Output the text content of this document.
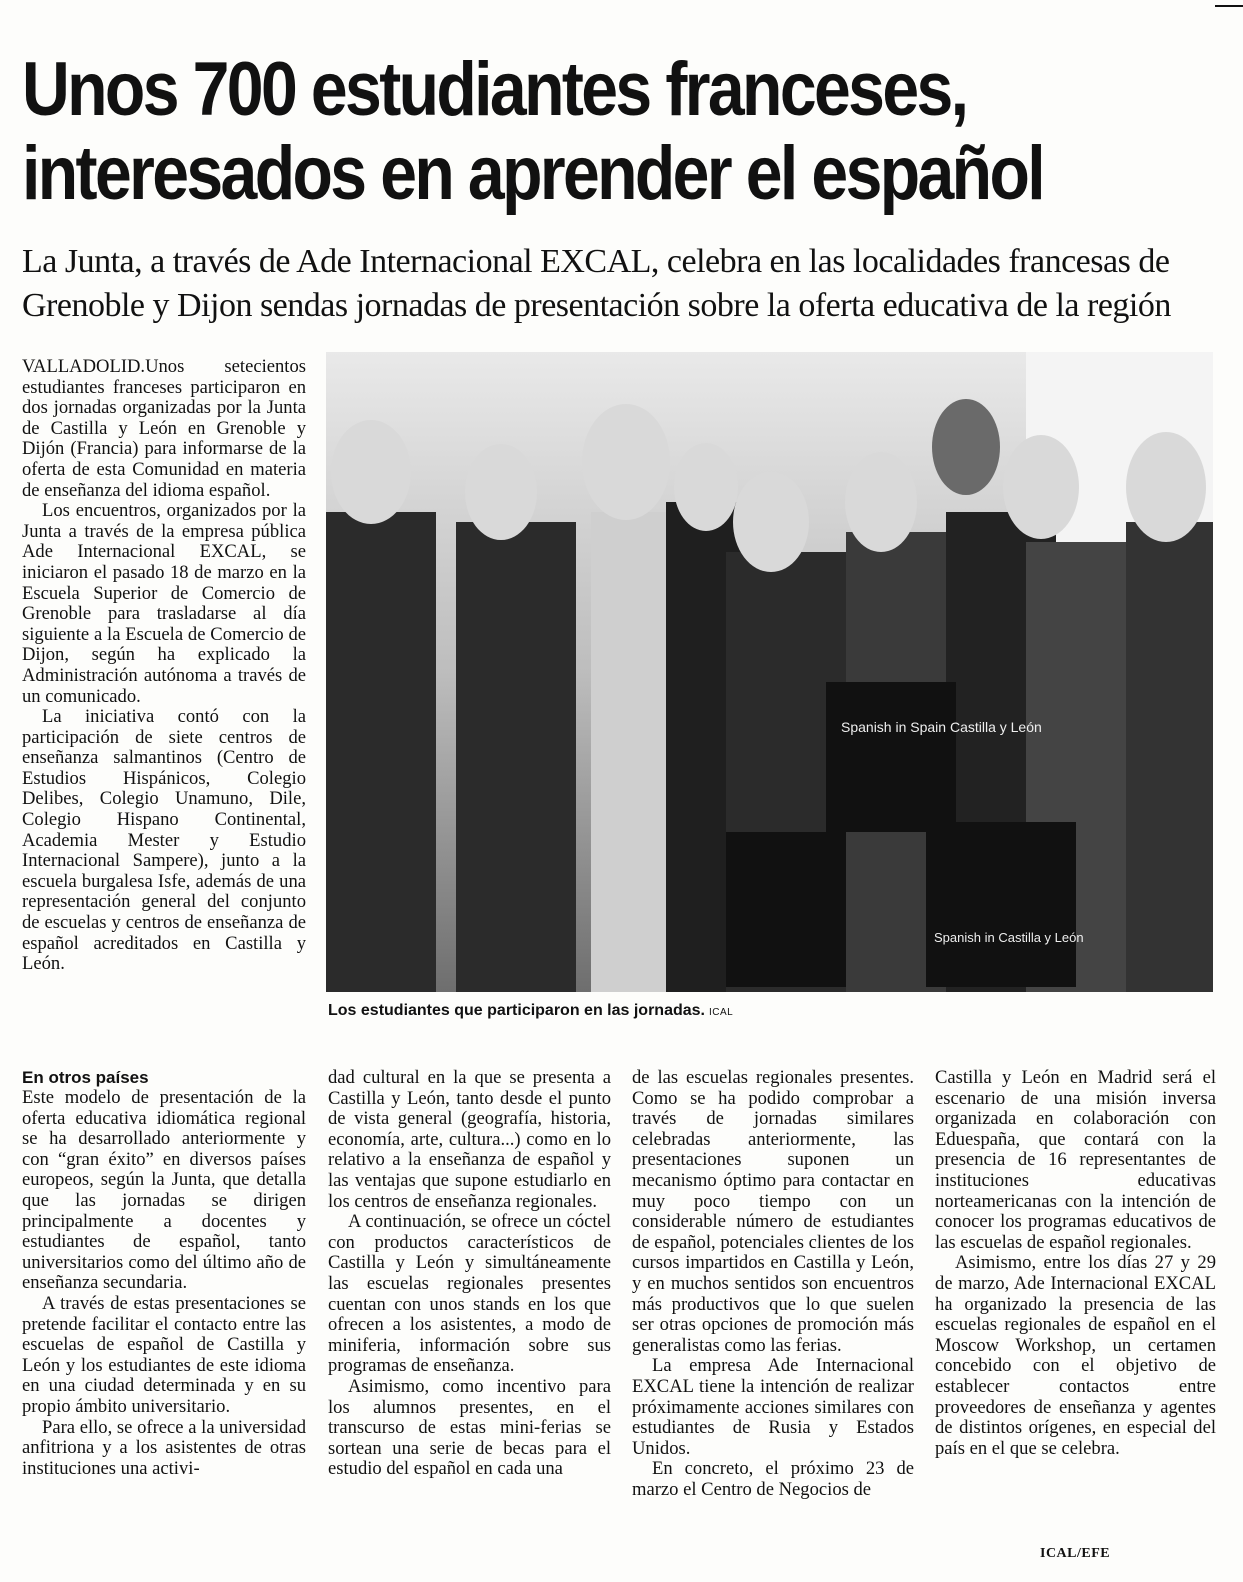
Unos 700 estudiantes franceses,
interesados en aprender el español
La Junta, a través de Ade Internacional EXCAL, celebra en las localidades francesas de
Grenoble y Dijon sendas jornadas de presentación sobre la oferta educativa de la región

VALLADOLID.Unos setecientos estudiantes franceses participaron en dos jornadas organizadas por la Junta de Castilla y León en Grenoble y Dijón (Francia) para informarse de la oferta de esta Comunidad en materia de enseñanza del idioma español.

Los encuentros, organizados por la Junta a través de la empresa pública Ade Internacional EXCAL, se iniciaron el pasado 18 de marzo en la Escuela Superior de Comercio de Grenoble para trasladarse al día siguiente a la Escuela de Comercio de Dijon, según ha explicado la Administración autónoma a través de un comunicado.

La iniciativa contó con la participación de siete centros de enseñanza salmantinos (Centro de Estudios Hispánicos, Colegio Delibes, Colegio Unamuno, Dile, Colegio Hispano Continental, Academia Mester y Estudio Internacional Sampere), junto a la escuela burgalesa Isfe, además de una representación general del conjunto de escuelas y centros de enseñanza de español acreditados en Castilla y León.

Spanish in Spain Castilla y León
Spanish in Castilla y León
Los estudiantes que participaron en las jornadas. ICAL
En otros países

Este modelo de presentación de la oferta educativa idiomática regional se ha desarrollado anteriormente y con “gran éxito” en diversos países europeos, según la Junta, que detalla que las jornadas se dirigen principalmente a docentes y estudiantes de español, tanto universitarios como del último año de enseñanza secundaria.

A través de estas presentaciones se pretende facilitar el contacto entre las escuelas de español de Castilla y León y los estudiantes de este idioma en una ciudad determinada y en su propio ámbito universitario.

Para ello, se ofrece a la universidad anfitriona y a los asistentes de otras instituciones una activi-

dad cultural en la que se presenta a Castilla y León, tanto desde el punto de vista general (geografía, historia, economía, arte, cultura...) como en lo relativo a la enseñanza de español y las ventajas que supone estudiarlo en los centros de enseñanza regionales.

A continuación, se ofrece un cóctel con productos característicos de Castilla y León y simultáneamente las escuelas regionales presentes cuentan con unos stands en los que ofrecen a los asistentes, a modo de miniferia, información sobre sus programas de enseñanza.

Asimismo, como incentivo para los alumnos presentes, en el transcurso de estas mini-ferias se sortean una serie de becas para el estudio del español en cada una

de las escuelas regionales presentes. Como se ha podido comprobar a través de jornadas similares celebradas anteriormente, las presentaciones suponen un mecanismo óptimo para contactar en muy poco tiempo con un considerable número de estudiantes de español, potenciales clientes de los cursos impartidos en Castilla y León, y en muchos sentidos son encuentros más productivos que lo que suelen ser otras opciones de promoción más generalistas como las ferias.

La empresa Ade Internacional EXCAL tiene la intención de realizar próximamente acciones similares con estudiantes de Rusia y Estados Unidos.

En concreto, el próximo 23 de marzo el Centro de Negocios de

Castilla y León en Madrid será el escenario de una misión inversa organizada en colaboración con Eduespaña, que contará con la presencia de 16 representantes de instituciones educativas norteamericanas con la intención de conocer los programas educativos de las escuelas de español regionales.

Asimismo, entre los días 27 y 29 de marzo, Ade Internacional EXCAL ha organizado la presencia de las escuelas regionales de español en el Moscow Workshop, un certamen concebido con el objetivo de establecer contactos entre proveedores de enseñanza y agentes de distintos orígenes, en especial del país en el que se celebra.

ICAL/EFE
